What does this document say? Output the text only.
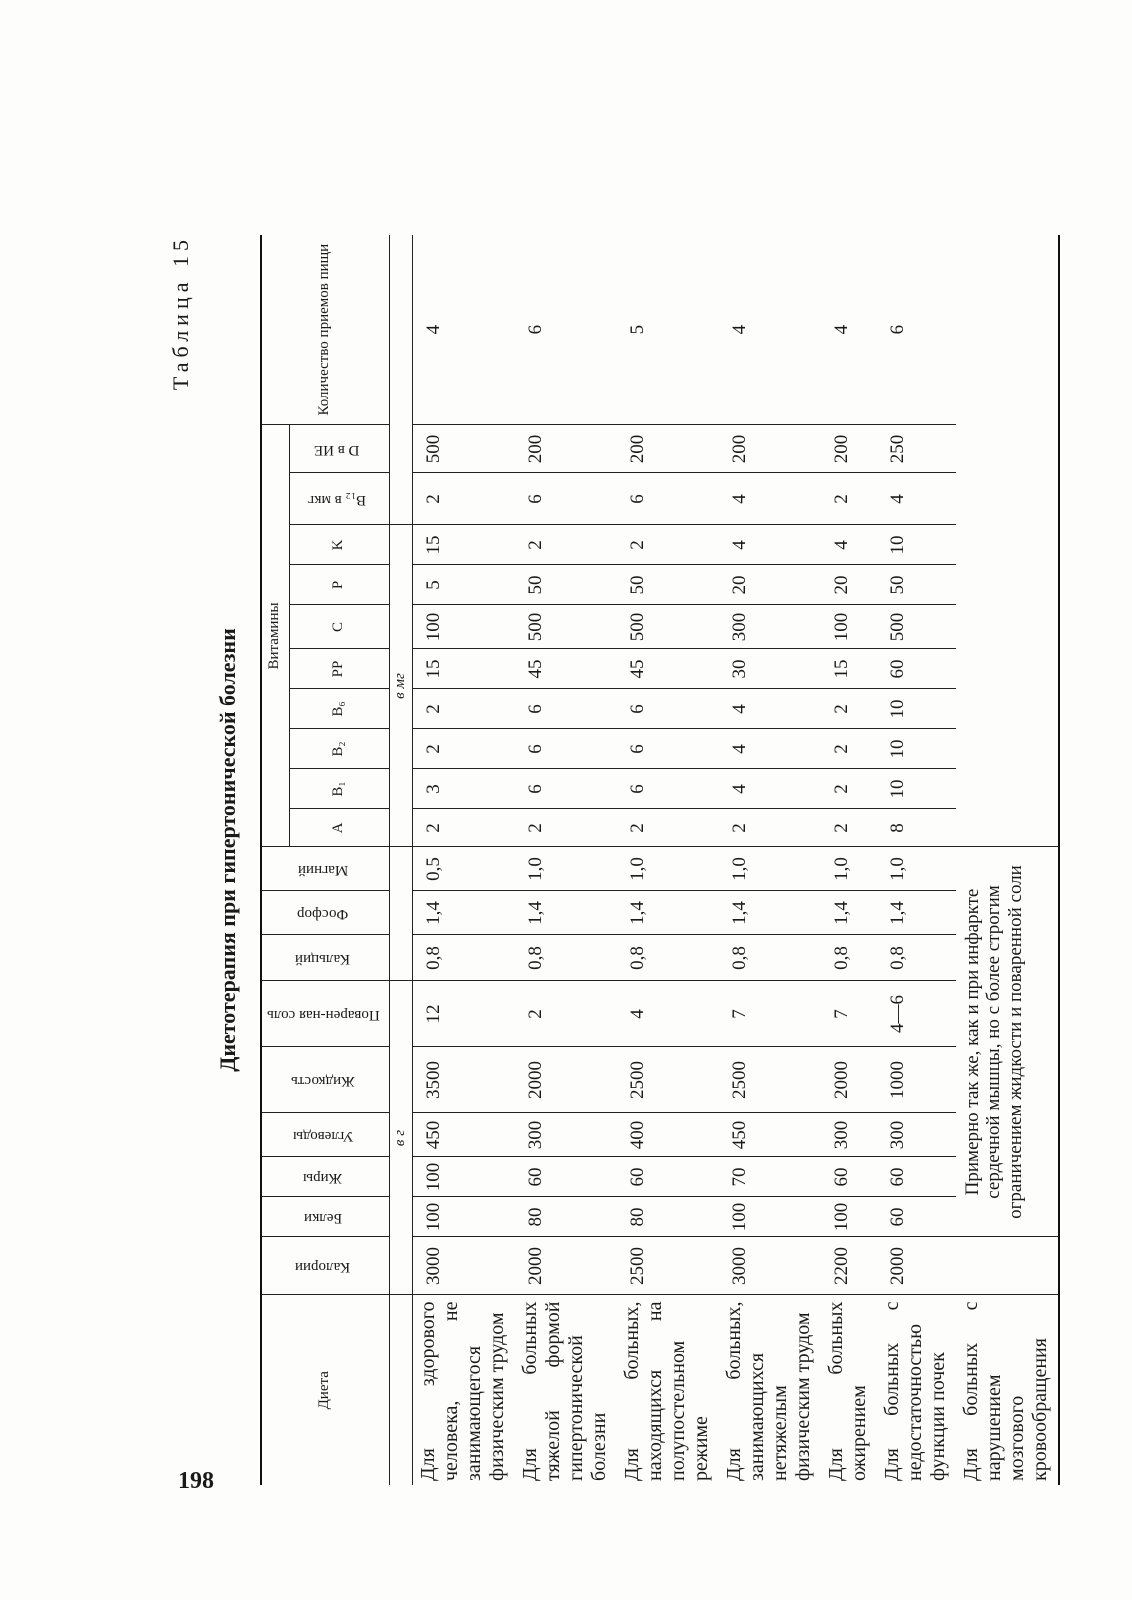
198
Таблица 15
Диетотерапия при гипертонической болезни
Диета	Калории	Белки	Жиры	Углеводы	Жидкость	Поварен-ная соль	Кальций	Фосфор	Магний	Витамины										Количество приемов пищи
										A	B₁	B₂	B₆	PP	C	P	K	B₁₂ в мкг	D в ИЕ	
	в г									в мг										
Для здорового человека, не занимающегося физическим трудом	3000	100	100	450	3500	12	0,8	1,4	0,5	2	3	2	2	15	100	5	15	2	500	4
Для больных тяжелой формой гипертонической болезни	2000	80	60	300	2000	2	0,8	1,4	1,0	2	6	6	6	45	500	50	2	6	200	6
Для больных, находящихся на полупостельном режиме	2500	80	60	400	2500	4	0,8	1,4	1,0	2	6	6	6	45	500	50	2	6	200	5
Для больных, занимающихся нетяжелым физическим трудом	3000	100	70	450	2500	7	0,8	1,4	1,0	2	4	4	4	30	300	20	4	4	200	4
Для больных ожирением	2200	100	60	300	2000	7	0,8	1,4	1,0	2	2	2	2	15	100	20	4	2	200	4
Для больных с недостаточностью функции почек	2000	60	60	300	1000	4—6	0,8	1,4	1,0	8	10	10	10	60	500	50	10	4	250	6
Для больных с нарушением мозгового кровообращения		Примерно так же, как и при инфаркте сердечной мышцы, но с более строгим ограничением жидкости и поваренной соли																		
